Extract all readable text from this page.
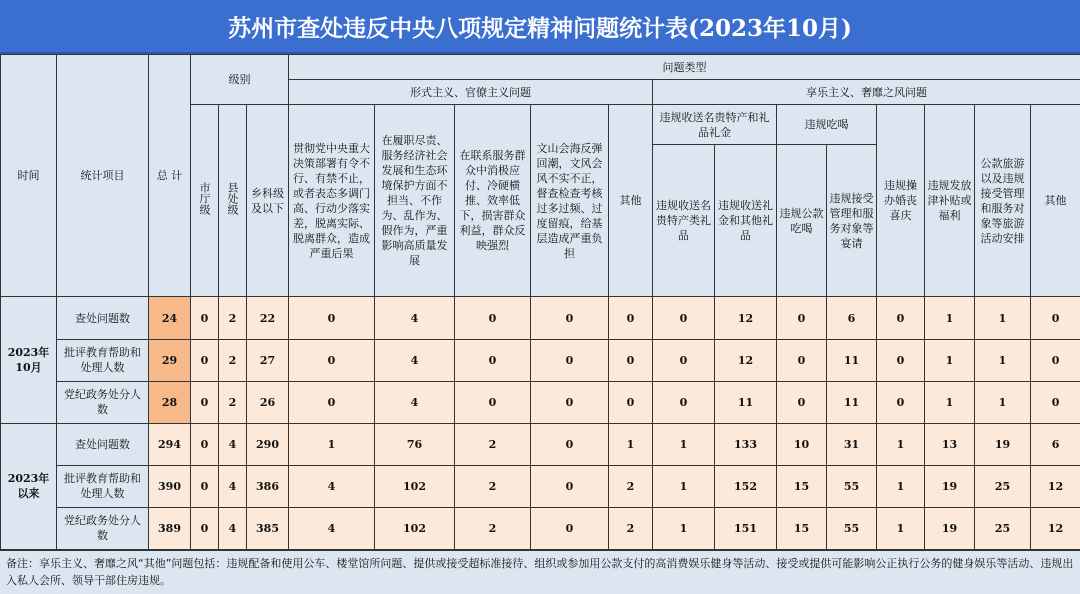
苏州市查处违反中央八项规定精神问题统计表(2023年10月)
时间	统计项目	总 计	级别			问题类型												
						形式主义、官僚主义问题					享乐主义、奢靡之风问题							
			市厅级	县处级	乡科级及以下	贯彻党中央重大决策部署有令不行、有禁不止，或者表态多调门高、行动少落实差，脱离实际、脱离群众，造成严重后果	在履职尽责、服务经济社会发展和生态环境保护方面不担当、不作为、乱作为、假作为，严重影响高质量发展	在联系服务群众中消极应付、冷硬横推、效率低下，损害群众利益，群众反映强烈	文山会海反弹回潮，文风会风不实不正，督查检查考核过多过频、过度留痕，给基层造成严重负担	其他	违规收送名贵特产和礼品礼金		违规吃喝		违规操办婚丧喜庆	违规发放津补贴或福利	公款旅游以及违规接受管理和服务对象等旅游活动安排	其他
											违规收送名贵特产类礼品	违规收送礼金和其他礼品	违规公款吃喝	违规接受管理和服务对象等宴请				
2023年10月	查处问题数	24	0	2	22	0	4	0	0	0	0	12	0	6	0	1	1	0
	批评教育帮助和处理人数	29	0	2	27	0	4	0	0	0	0	12	0	11	0	1	1	0
	党纪政务处分人数	28	0	2	26	0	4	0	0	0	0	11	0	11	0	1	1	0
2023年以来	查处问题数	294	0	4	290	1	76	2	0	1	1	133	10	31	1	13	19	6
	批评教育帮助和处理人数	390	0	4	386	4	102	2	0	2	1	152	15	55	1	19	25	12
	党纪政务处分人数	389	0	4	385	4	102	2	0	2	1	151	15	55	1	19	25	12
备注：享乐主义、奢靡之风“其他”问题包括：违规配备和使用公车、楼堂馆所问题、提供或接受超标准接待、组织或参加用公款支付的高消费娱乐健身等活动、接受或提供可能影响公正执行公务的健身娱乐等活动、违规出入私人会所、领导干部住房违规。
